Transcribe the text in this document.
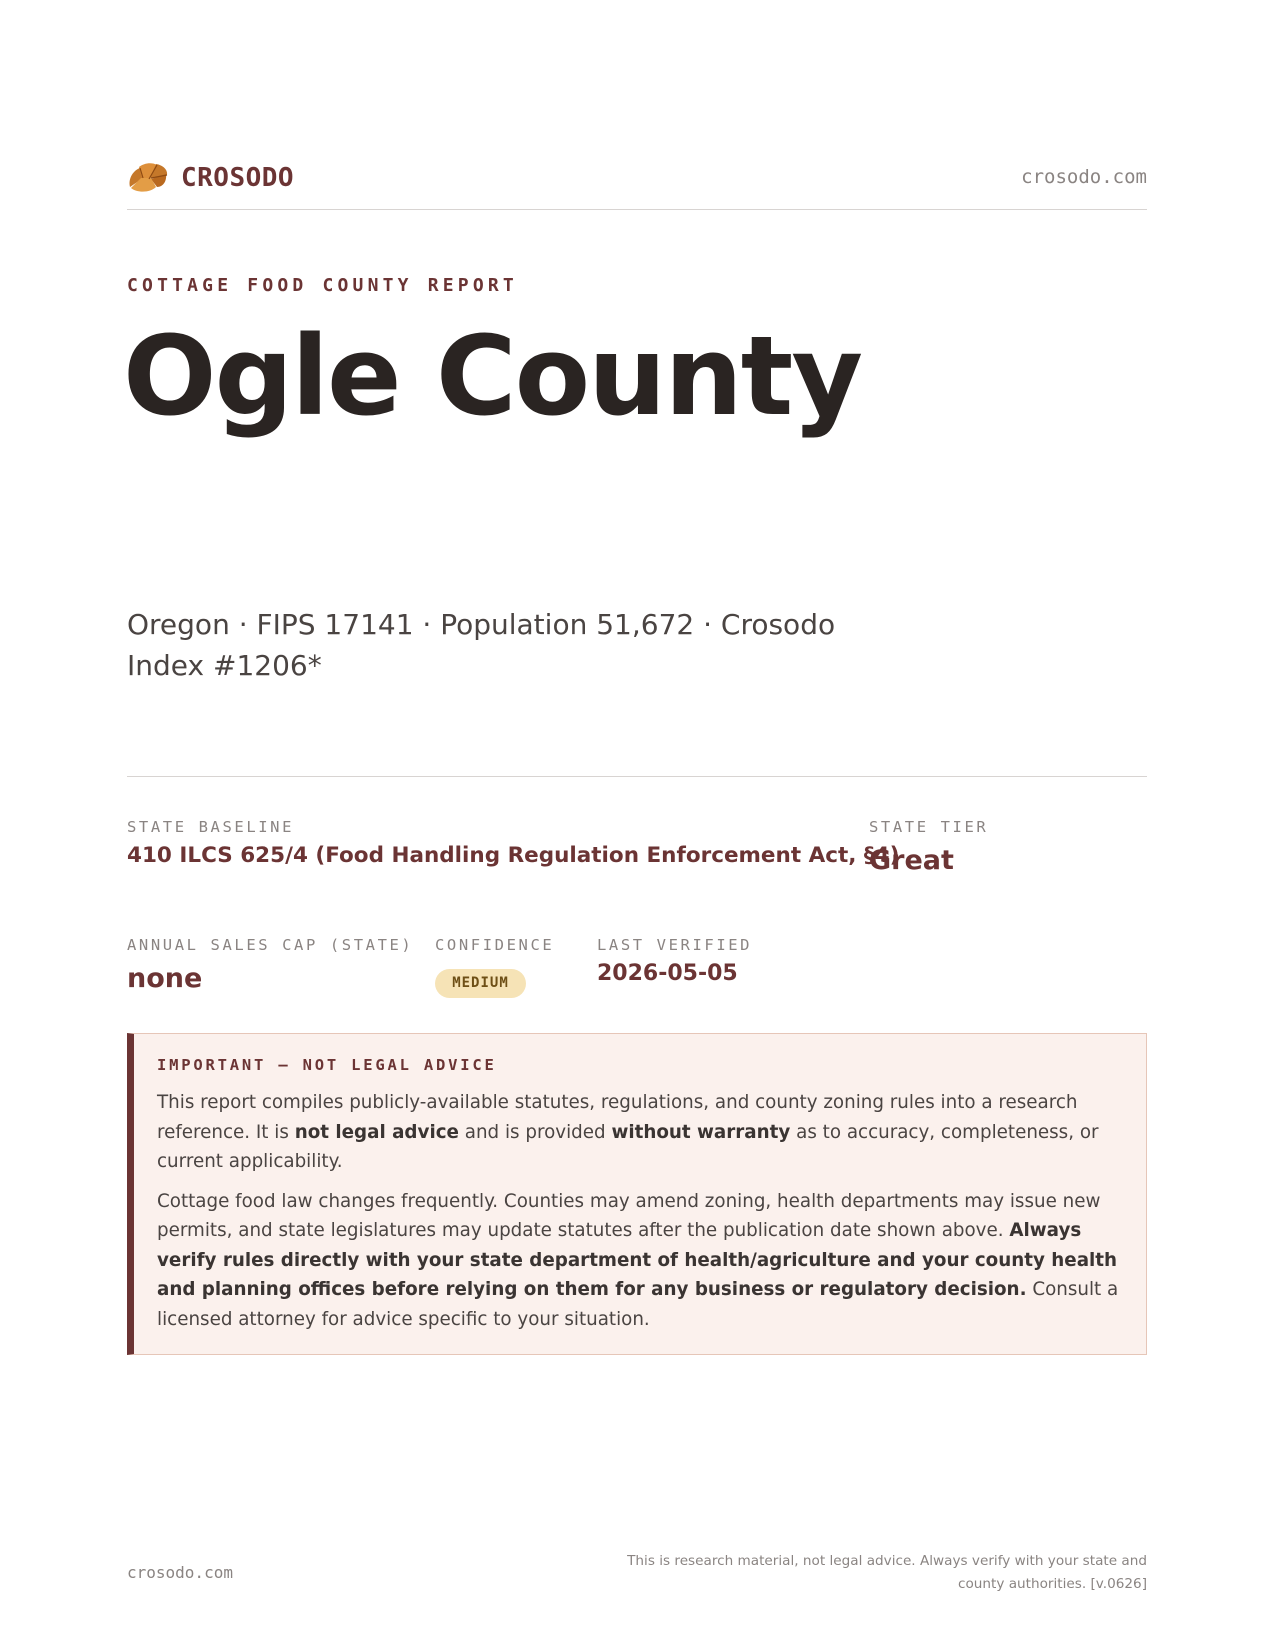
CROSODO	crosodo.com
COTTAGE FOOD COUNTY REPORT
Ogle County
Oregon · FIPS 17141 · Population 51,672 · Crosodo Index #1206*
STATE BASELINE
410 ILCS 625/4 (Food Handling Regulation Enforcement Act, §4)
STATE TIER
Great
ANNUAL SALES CAP (STATE)
none
CONFIDENCE
MEDIUM
LAST VERIFIED
2026-05-05
IMPORTANT — NOT LEGAL ADVICE

This report compiles publicly-available statutes, regulations, and county zoning rules into a research reference. It is not legal advice and is provided without warranty as to accuracy, completeness, or current applicability.

Cottage food law changes frequently. Counties may amend zoning, health departments may issue new permits, and state legislatures may update statutes after the publication date shown above. Always verify rules directly with your state department of health/agriculture and your county health and planning offices before relying on them for any business or regulatory decision. Consult a licensed attorney for advice specific to your situation.

crosodo.com
This is research material, not legal advice. Always verify with your state and county authorities. [v.0626]
